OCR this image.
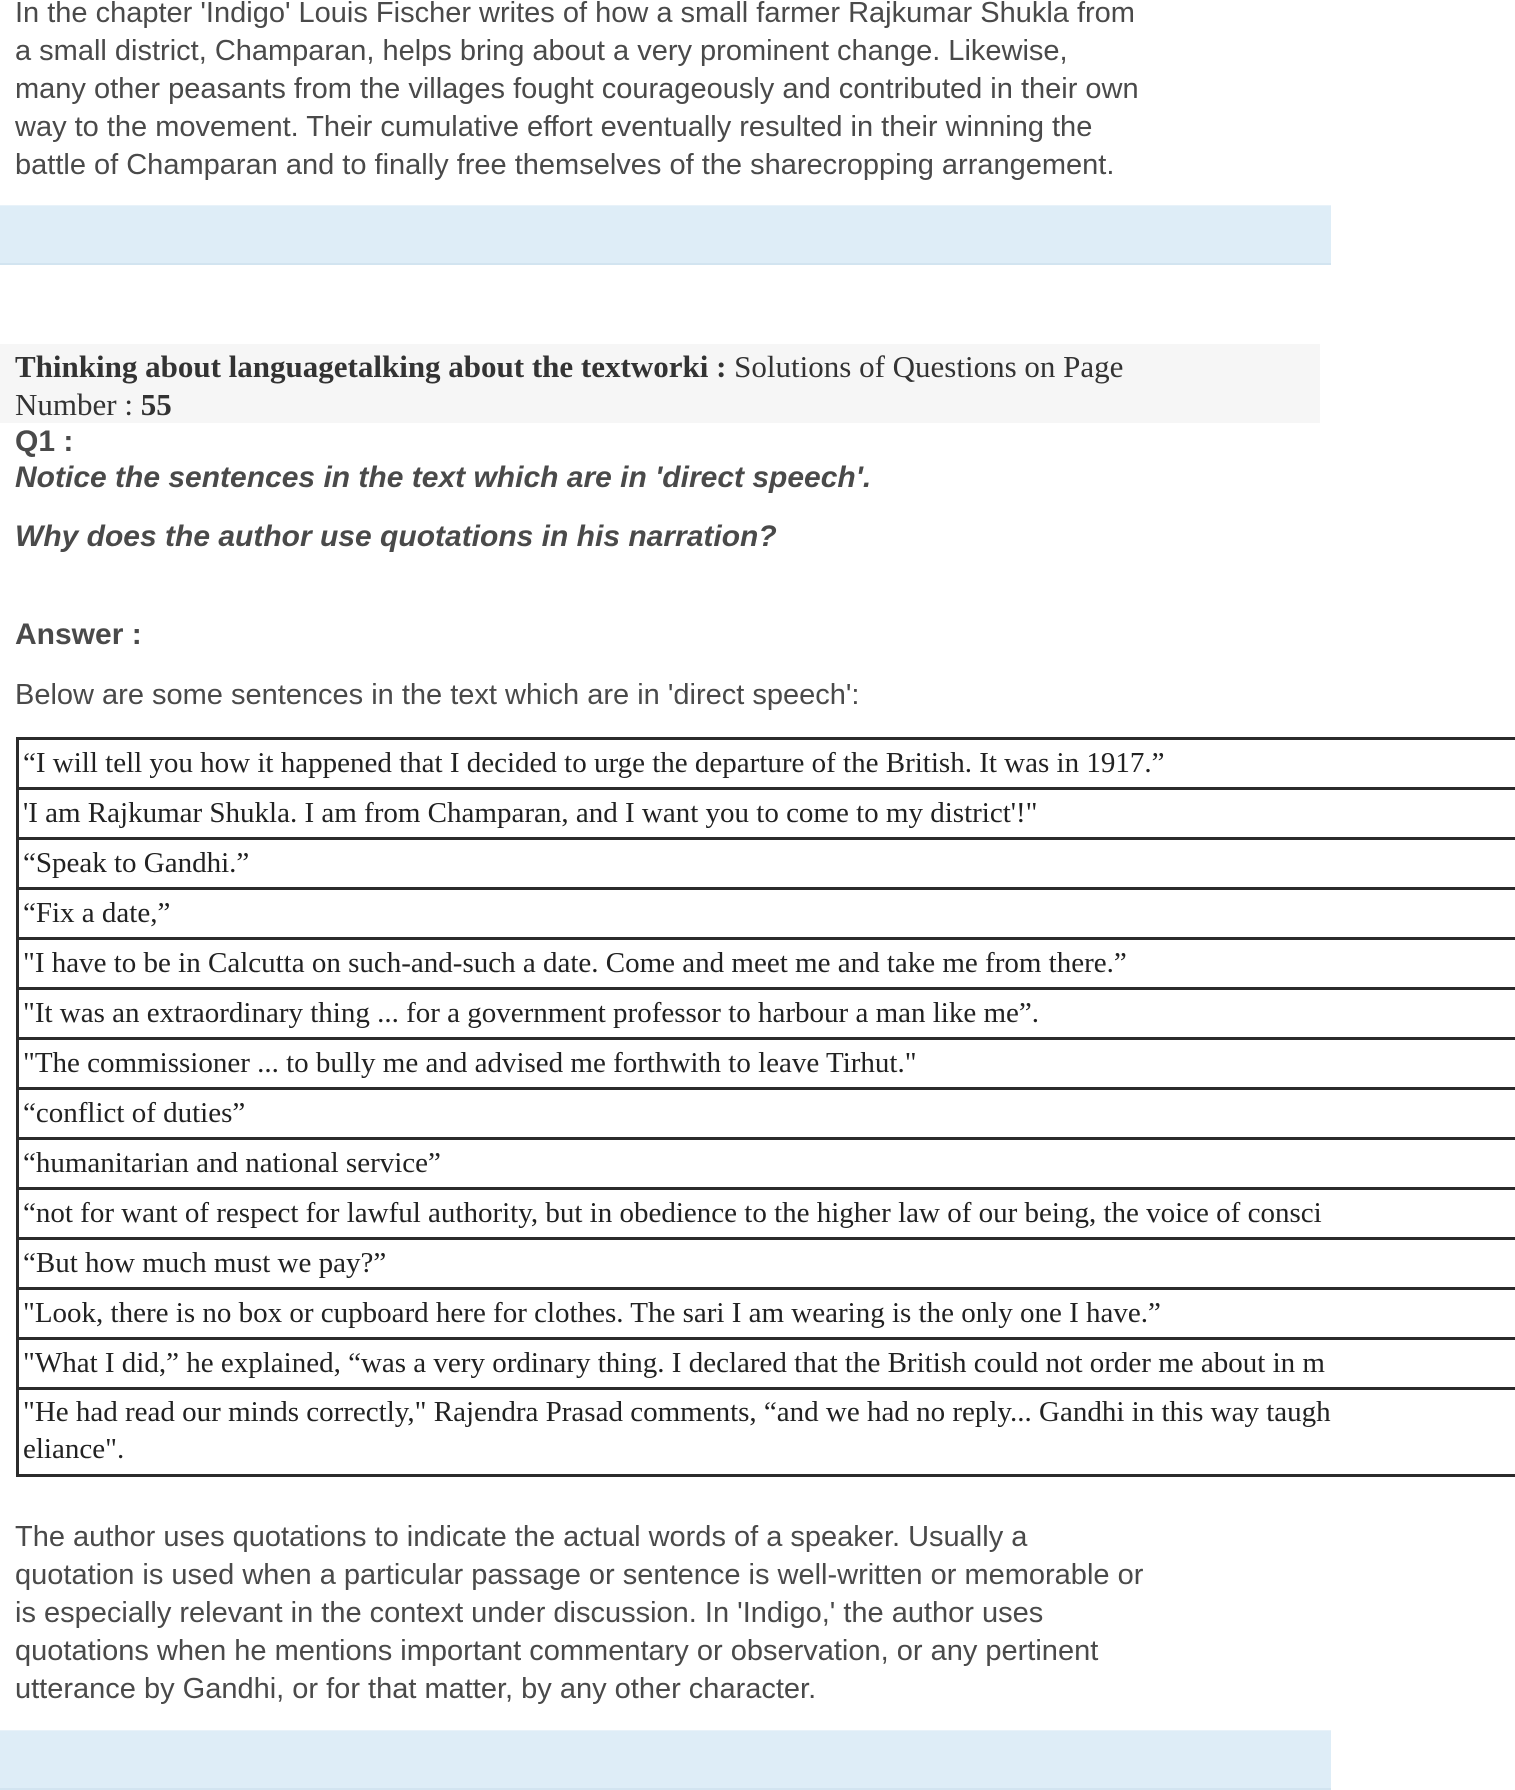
In the chapter 'Indigo' Louis Fischer writes of how a small farmer Rajkumar Shukla from
a small district, Champaran, helps bring about a very prominent change. Likewise,
many other peasants from the villages fought courageously and contributed in their own
way to the movement. Their cumulative effort eventually resulted in their winning the
battle of Champaran and to finally free themselves of the sharecropping arrangement.

Thinking about languagetalking about the textworki : Solutions of Questions on Page
Number : 55
Q1 :
Notice the sentences in the text which are in 'direct speech'.
Why does the author use quotations in his narration?
Answer :
Below are some sentences in the text which are in 'direct speech':
“I will tell you how it happened that I decided to urge the departure of the British. It was in 1917.”
'I am Rajkumar Shukla. I am from Champaran, and I want you to come to my district'!"
“Speak to Gandhi.”
“Fix a date,”
"I have to be in Calcutta on such-and-such a date. Come and meet me and take me from there.”
"It was an extraordinary thing ... for a government professor to harbour a man like me”.
"The commissioner ... to bully me and advised me forthwith to leave Tirhut."
“conflict of duties”
“humanitarian and national service”
“not for want of respect for lawful authority, but in obedience to the higher law of our being, the voice of consci
“But how much must we pay?”
"Look, there is no box or cupboard here for clothes. The sari I am wearing is the only one I have.”
"What I did,” he explained, “was a very ordinary thing. I declared that the British could not order me about in m

"He had read our minds correctly," Rajendra Prasad comments, “and we had no reply... Gandhi in this way taugh
eliance".

The author uses quotations to indicate the actual words of a speaker. Usually a
quotation is used when a particular passage or sentence is well-written or memorable or
is especially relevant in the context under discussion. In 'Indigo,' the author uses
quotations when he mentions important commentary or observation, or any pertinent
utterance by Gandhi, or for that matter, by any other character.
